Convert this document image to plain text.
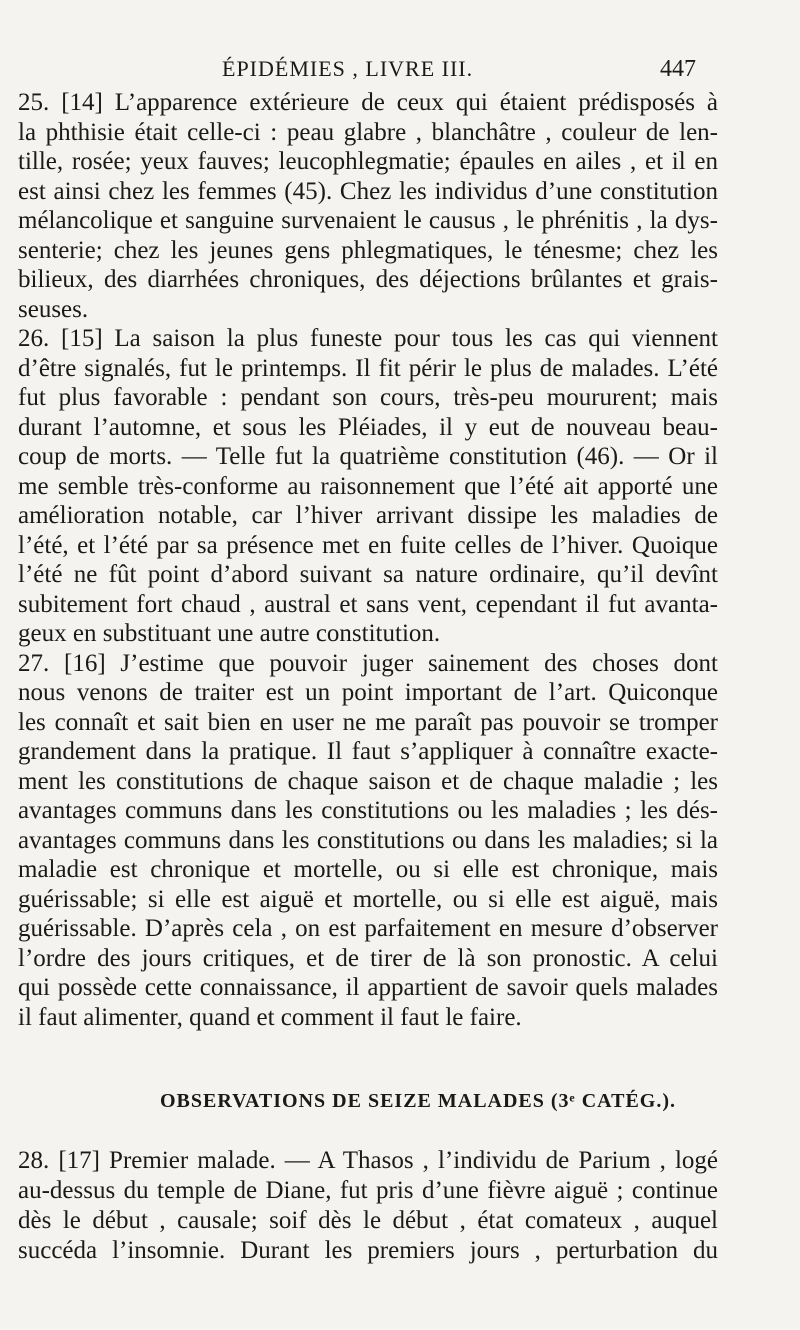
ÉPIDÉMIES , LIVRE III.	447
25. [14] L’apparence extérieure de ceux qui étaient prédisposés à
la phthisie était celle-ci : peau glabre , blanchâtre , couleur de len-
tille, rosée; yeux fauves; leucophlegmatie; épaules en ailes , et il en
est ainsi chez les femmes (45). Chez les individus d’une constitution
mélancolique et sanguine survenaient le causus , le phrénitis , la dys-
senterie; chez les jeunes gens phlegmatiques, le ténesme; chez les
bilieux, des diarrhées chroniques, des déjections brûlantes et grais-
seuses.
26. [15] La saison la plus funeste pour tous les cas qui viennent
d’être signalés, fut le printemps. Il fit périr le plus de malades. L’été
fut plus favorable : pendant son cours, très-peu moururent; mais
durant l’automne, et sous les Pléiades, il y eut de nouveau beau-
coup de morts. — Telle fut la quatrième constitution (46). — Or il
me semble très-conforme au raisonnement que l’été ait apporté une
amélioration notable, car l’hiver arrivant dissipe les maladies de
l’été, et l’été par sa présence met en fuite celles de l’hiver. Quoique
l’été ne fût point d’abord suivant sa nature ordinaire, qu’il devînt
subitement fort chaud , austral et sans vent, cependant il fut avanta-
geux en substituant une autre constitution.
27. [16] J’estime que pouvoir juger sainement des choses dont
nous venons de traiter est un point important de l’art. Quiconque
les connaît et sait bien en user ne me paraît pas pouvoir se tromper
grandement dans la pratique. Il faut s’appliquer à connaître exacte-
ment les constitutions de chaque saison et de chaque maladie ; les
avantages communs dans les constitutions ou les maladies ; les dés-
avantages communs dans les constitutions ou dans les maladies; si la
maladie est chronique et mortelle, ou si elle est chronique, mais
guérissable; si elle est aiguë et mortelle, ou si elle est aiguë, mais
guérissable. D’après cela , on est parfaitement en mesure d’observer
l’ordre des jours critiques, et de tirer de là son pronostic. A celui
qui possède cette connaissance, il appartient de savoir quels malades
il faut alimenter, quand et comment il faut le faire.
OBSERVATIONS DE SEIZE MALADES (3ᵉ CATÉG.).
28. [17] Premier malade. — A Thasos , l’individu de Parium , logé
au-dessus du temple de Diane, fut pris d’une fièvre aiguë ; continue
dès le début , causale; soif dès le début , état comateux , auquel
succéda l’insomnie. Durant les premiers jours , perturbation du
